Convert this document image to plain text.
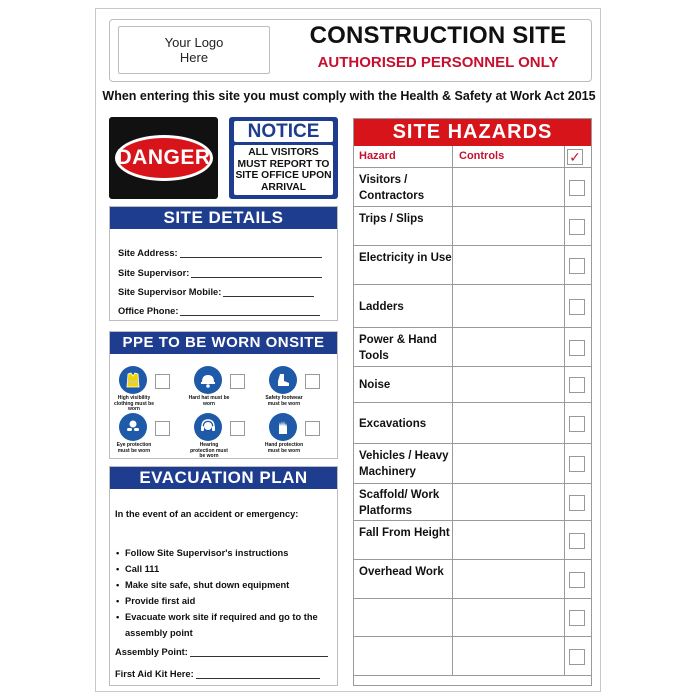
Your Logo
Here
CONSTRUCTION SITE
AUTHORISED PERSONNEL ONLY
When entering this site you must comply with the Health & Safety at Work Act 2015
DANGER
NOTICE
ALL VISITORS MUST REPORT TO SITE OFFICE UPON ARRIVAL
SITE DETAILS
Site Address:
Site Supervisor:
Site Supervisor Mobile:
Office Phone:
PPE TO BE WORN ONSITE
High visibility clothing must be worn
Hard hat must be worn
Safety footwear must be worn
Eye protection must be worn
Hearing protection must be worn
Hand protection must be worn
EVACUATION PLAN
In the event of an accident or emergency:
• Follow Site Supervisor's instructions
• Call 111
• Make site safe, shut down equipment
• Provide first aid
• Evacuate work site if required and go to the assembly point
Assembly Point:
First Aid Kit Here:
SITE HAZARDS
Hazard	Controls	✓
Visitors / Contractors
Trips / Slips
Electricity in Use
Ladders
Power & Hand Tools
Noise
Excavations
Vehicles / Heavy Machinery
Scaffold/ Work Platforms
Fall From Height
Overhead Work
